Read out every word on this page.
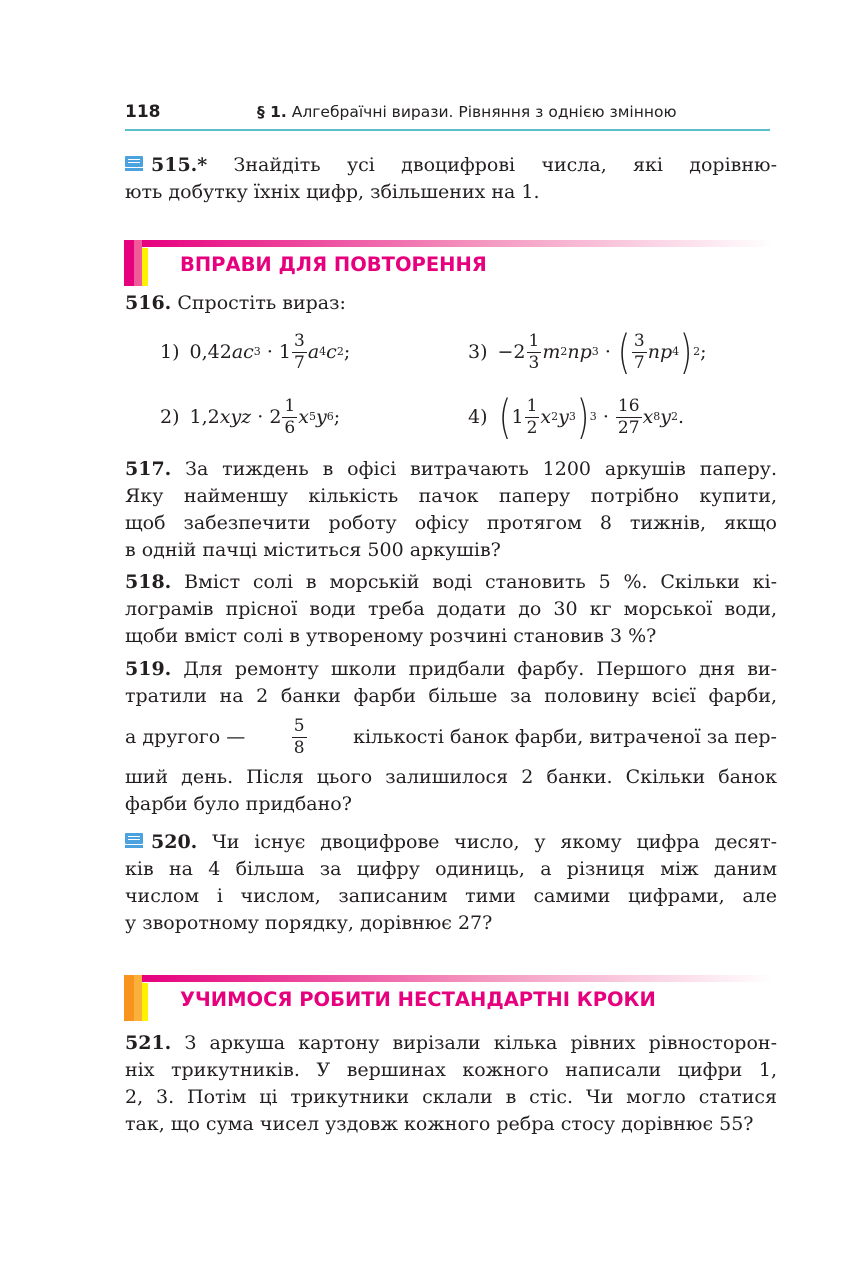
118	§ 1. Алгебраїчні вирази. Рівняння з однією змінною
515.* Знайдіть усі двоцифрові числа, які дорівню-
ють добутку їхніх цифр, збільшених на 1.
ВПРАВИ ДЛЯ ПОВТОРЕННЯ
516. Спростіть вираз:
1) 0,42 ac $3 \cdot 1 \frac{3}{7}$ a 4 c 2 ;	$3) -2 \frac{1}{3}$ m 2 np 3 · ( $\frac{3}{7}$ np 4 ) 2 ;
2) 1,2 xyz · $2 \frac{1}{6}$ x 5 y 6 ;	4) ( $1 \frac{1}{2}$ x 2 y 3 ) $3 \cdot \frac{16}{27}$ x 8 y 2 .
517. За тиждень в офісі витрачають 1200 аркушів паперу.
Яку найменшу кількість пачок паперу потрібно купити,
щоб забезпечити роботу офісу протягом 8 тижнів, якщо
в одній пачці міститься 500 аркушів?
518. Вміст солі в морській воді становить 5 %. Скільки кі-
лограмів прісної води треба додати до 30 кг морської води,
щоби вміст солі в утвореному розчині становив 3 %?
519. Для ремонту школи придбали фарбу. Першого дня ви-
тратили на 2 банки фарби більше за половину всієї фарби,
а другого —	$\frac{5}{8}$ кількості банок фарби, витраченої за пер-
ший день. Після цього залишилося 2 банки. Скільки банок
фарби було придбано?
520. Чи існує двоцифрове число, у якому цифра десят-
ків на 4 більша за цифру одиниць, а різниця між даним
числом і числом, записаним тими самими цифрами, але
у зворотному порядку, дорівнює 27?
УЧИМОСЯ РОБИТИ НЕСТАНДАРТНІ КРОКИ
521. З аркуша картону вирізали кілька рівних рівносторон-
ніх трикутників. У вершинах кожного написали цифри 1,
2, 3. Потім ці трикутники склали в стіс. Чи могло статися
так, що сума чисел уздовж кожного ребра стосу дорівнює 55?
